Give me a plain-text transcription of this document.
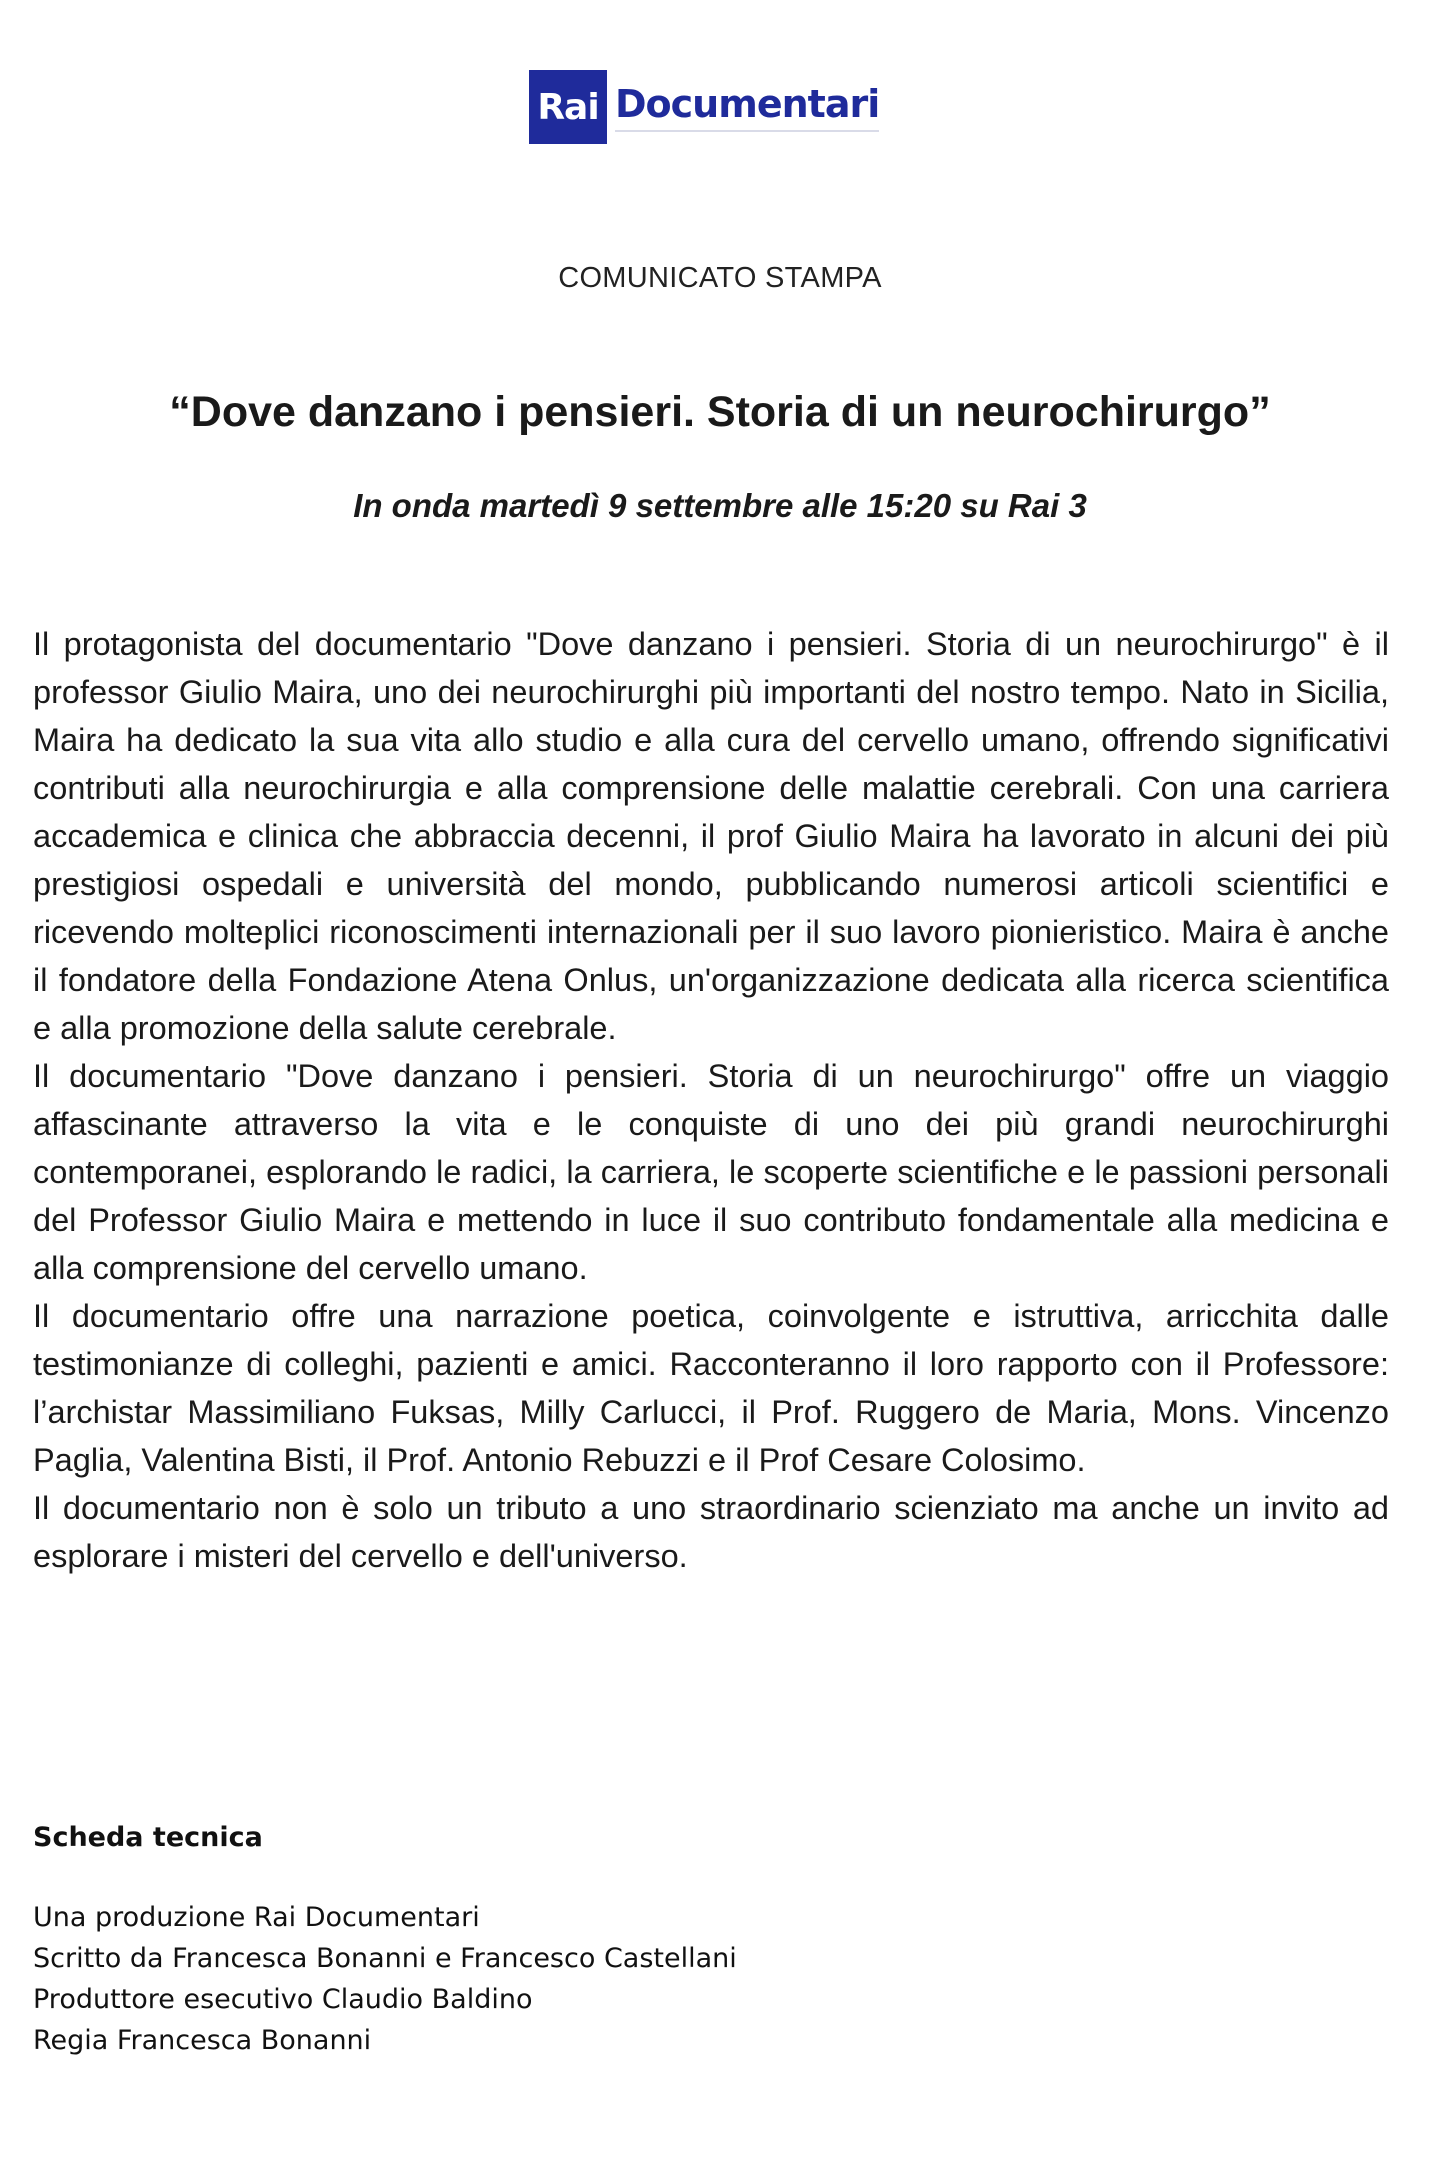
Rai Documentari
COMUNICATO STAMPA
“Dove danzano i pensieri. Storia di un neurochirurgo”
In onda martedì 9 settembre alle 15:20 su Rai 3

Il protagonista del documentario "Dove danzano i pensieri. Storia di un neurochirurgo" è il professor Giulio Maira, uno dei neurochirurghi più importanti del nostro tempo. Nato in Sicilia, Maira ha dedicato la sua vita allo studio e alla cura del cervello umano, offrendo significativi contributi alla neurochirurgia e alla comprensione delle malattie cerebrali. Con una carriera accademica e clinica che abbraccia decenni, il prof Giulio Maira ha lavorato in alcuni dei più prestigiosi ospedali e università del mondo, pubblicando numerosi articoli scientifici e ricevendo molteplici riconoscimenti internazionali per il suo lavoro pionieristico. Maira è anche il fondatore della Fondazione Atena Onlus, un'organizzazione dedicata alla ricerca scientifica e alla promozione della salute cerebrale.

Il documentario "Dove danzano i pensieri. Storia di un neurochirurgo" offre un viaggio affascinante attraverso la vita e le conquiste di uno dei più grandi neurochirurghi contemporanei, esplorando le radici, la carriera, le scoperte scientifiche e le passioni personali del Professor Giulio Maira e mettendo in luce il suo contributo fondamentale alla medicina e alla comprensione del cervello umano.

Il documentario offre una narrazione poetica, coinvolgente e istruttiva, arricchita dalle testimonianze di colleghi, pazienti e amici. Racconteranno il loro rapporto con il Professore: l’archistar Massimiliano Fuksas, Milly Carlucci, il Prof. Ruggero de Maria, Mons. Vincenzo Paglia, Valentina Bisti, il Prof. Antonio Rebuzzi e il Prof Cesare Colosimo.

Il documentario non è solo un tributo a uno straordinario scienziato ma anche un invito ad esplorare i misteri del cervello e dell'universo.

Scheda tecnica
Una produzione Rai Documentari
Scritto da Francesca Bonanni e Francesco Castellani
Produttore esecutivo Claudio Baldino
Regia Francesca Bonanni
